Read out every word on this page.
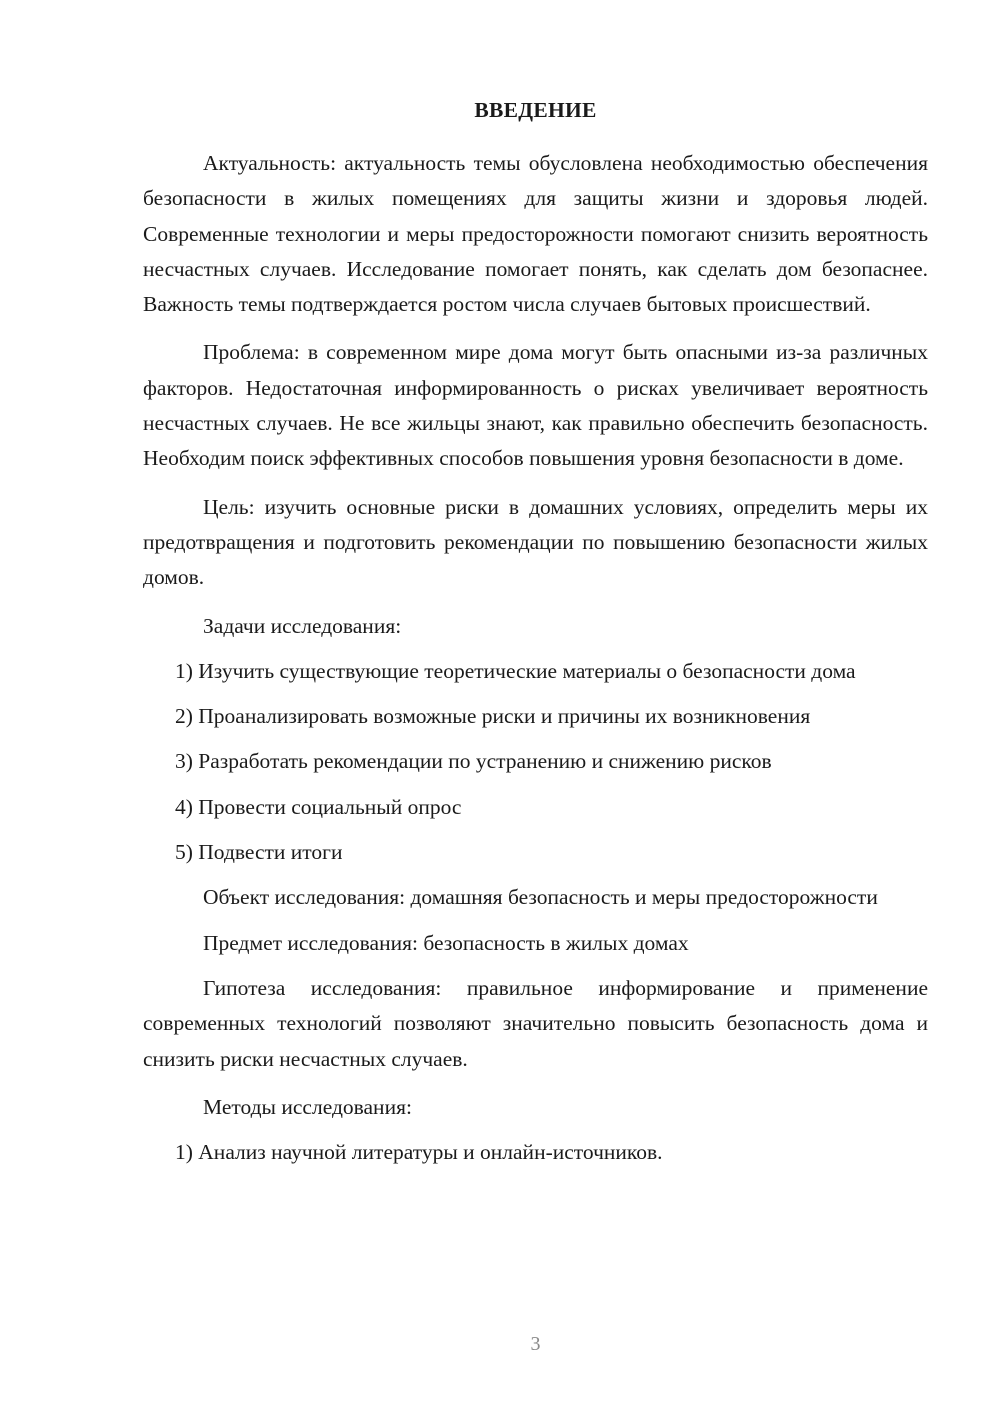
ВВЕДЕНИЕ

Актуальность: актуальность темы обусловлена необходимостью обеспечения безопасности в жилых помещениях для защиты жизни и здоровья людей. Современные технологии и меры предосторожности помогают снизить вероятность несчастных случаев. Исследование помогает понять, как сделать дом безопаснее. Важность темы подтверждается ростом числа случаев бытовых происшествий.

Проблема: в современном мире дома могут быть опасными из-за различных факторов. Недостаточная информированность о рисках увеличивает вероятность несчастных случаев. Не все жильцы знают, как правильно обеспечить безопасность. Необходим поиск эффективных способов повышения уровня безопасности в доме.

Цель: изучить основные риски в домашних условиях, определить меры их предотвращения и подготовить рекомендации по повышению безопасности жилых домов.

Задачи исследования:

1) Изучить существующие теоретические материалы о безопасности дома

2) Проанализировать возможные риски и причины их возникновения

3) Разработать рекомендации по устранению и снижению рисков

4) Провести социальный опрос

5) Подвести итоги

Объект исследования: домашняя безопасность и меры предосторожности

Предмет исследования: безопасность в жилых домах

Гипотеза исследования: правильное информирование и применение современных технологий позволяют значительно повысить безопасность дома и снизить риски несчастных случаев.

Методы исследования:

1) Анализ научной литературы и онлайн-источников.

3
